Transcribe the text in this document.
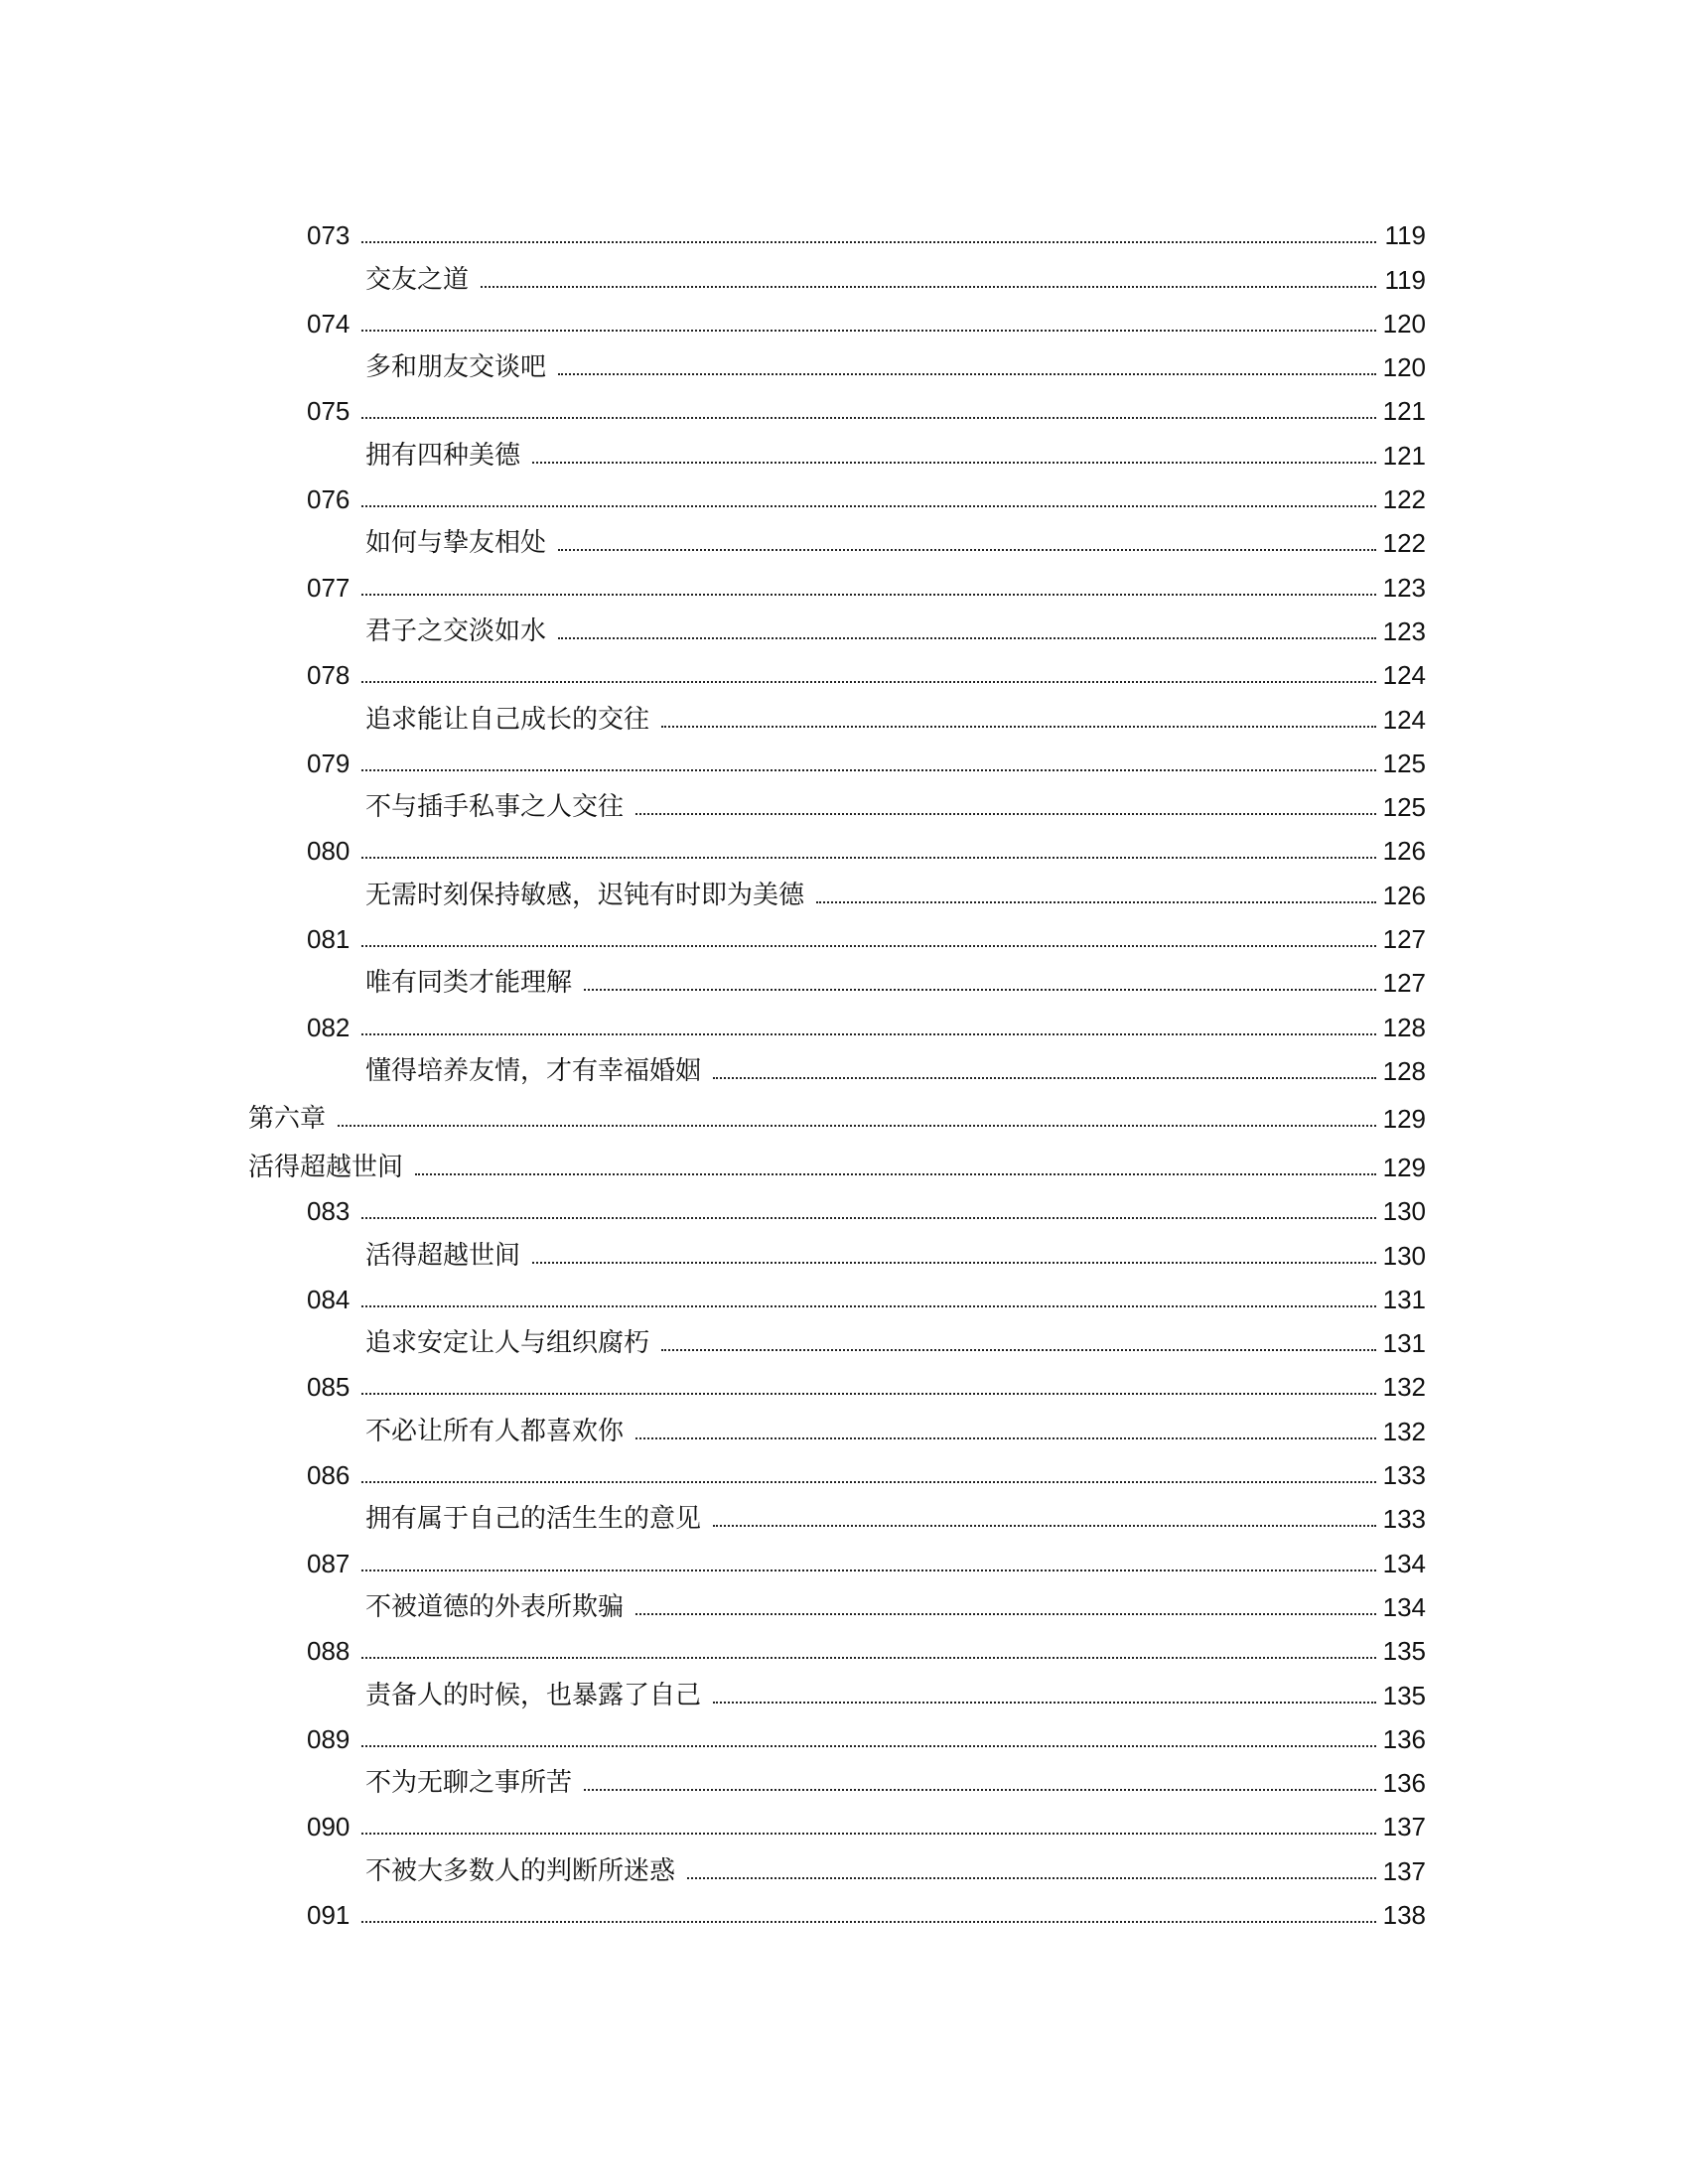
073	119
交友之道	119
074	120
多和朋友交谈吧	120
075	121
拥有四种美德	121
076	122
如何与挚友相处	122
077	123
君子之交淡如水	123
078	124
追求能让自己成长的交往	124
079	125
不与插手私事之人交往	125
080	126
无需时刻保持敏感，迟钝有时即为美德	126
081	127
唯有同类才能理解	127
082	128
懂得培养友情，才有幸福婚姻	128
第六章	129
活得超越世间	129
083	130
活得超越世间	130
084	131
追求安定让人与组织腐朽	131
085	132
不必让所有人都喜欢你	132
086	133
拥有属于自己的活生生的意见	133
087	134
不被道德的外表所欺骗	134
088	135
责备人的时候，也暴露了自己	135
089	136
不为无聊之事所苦	136
090	137
不被大多数人的判断所迷惑	137
091	138
